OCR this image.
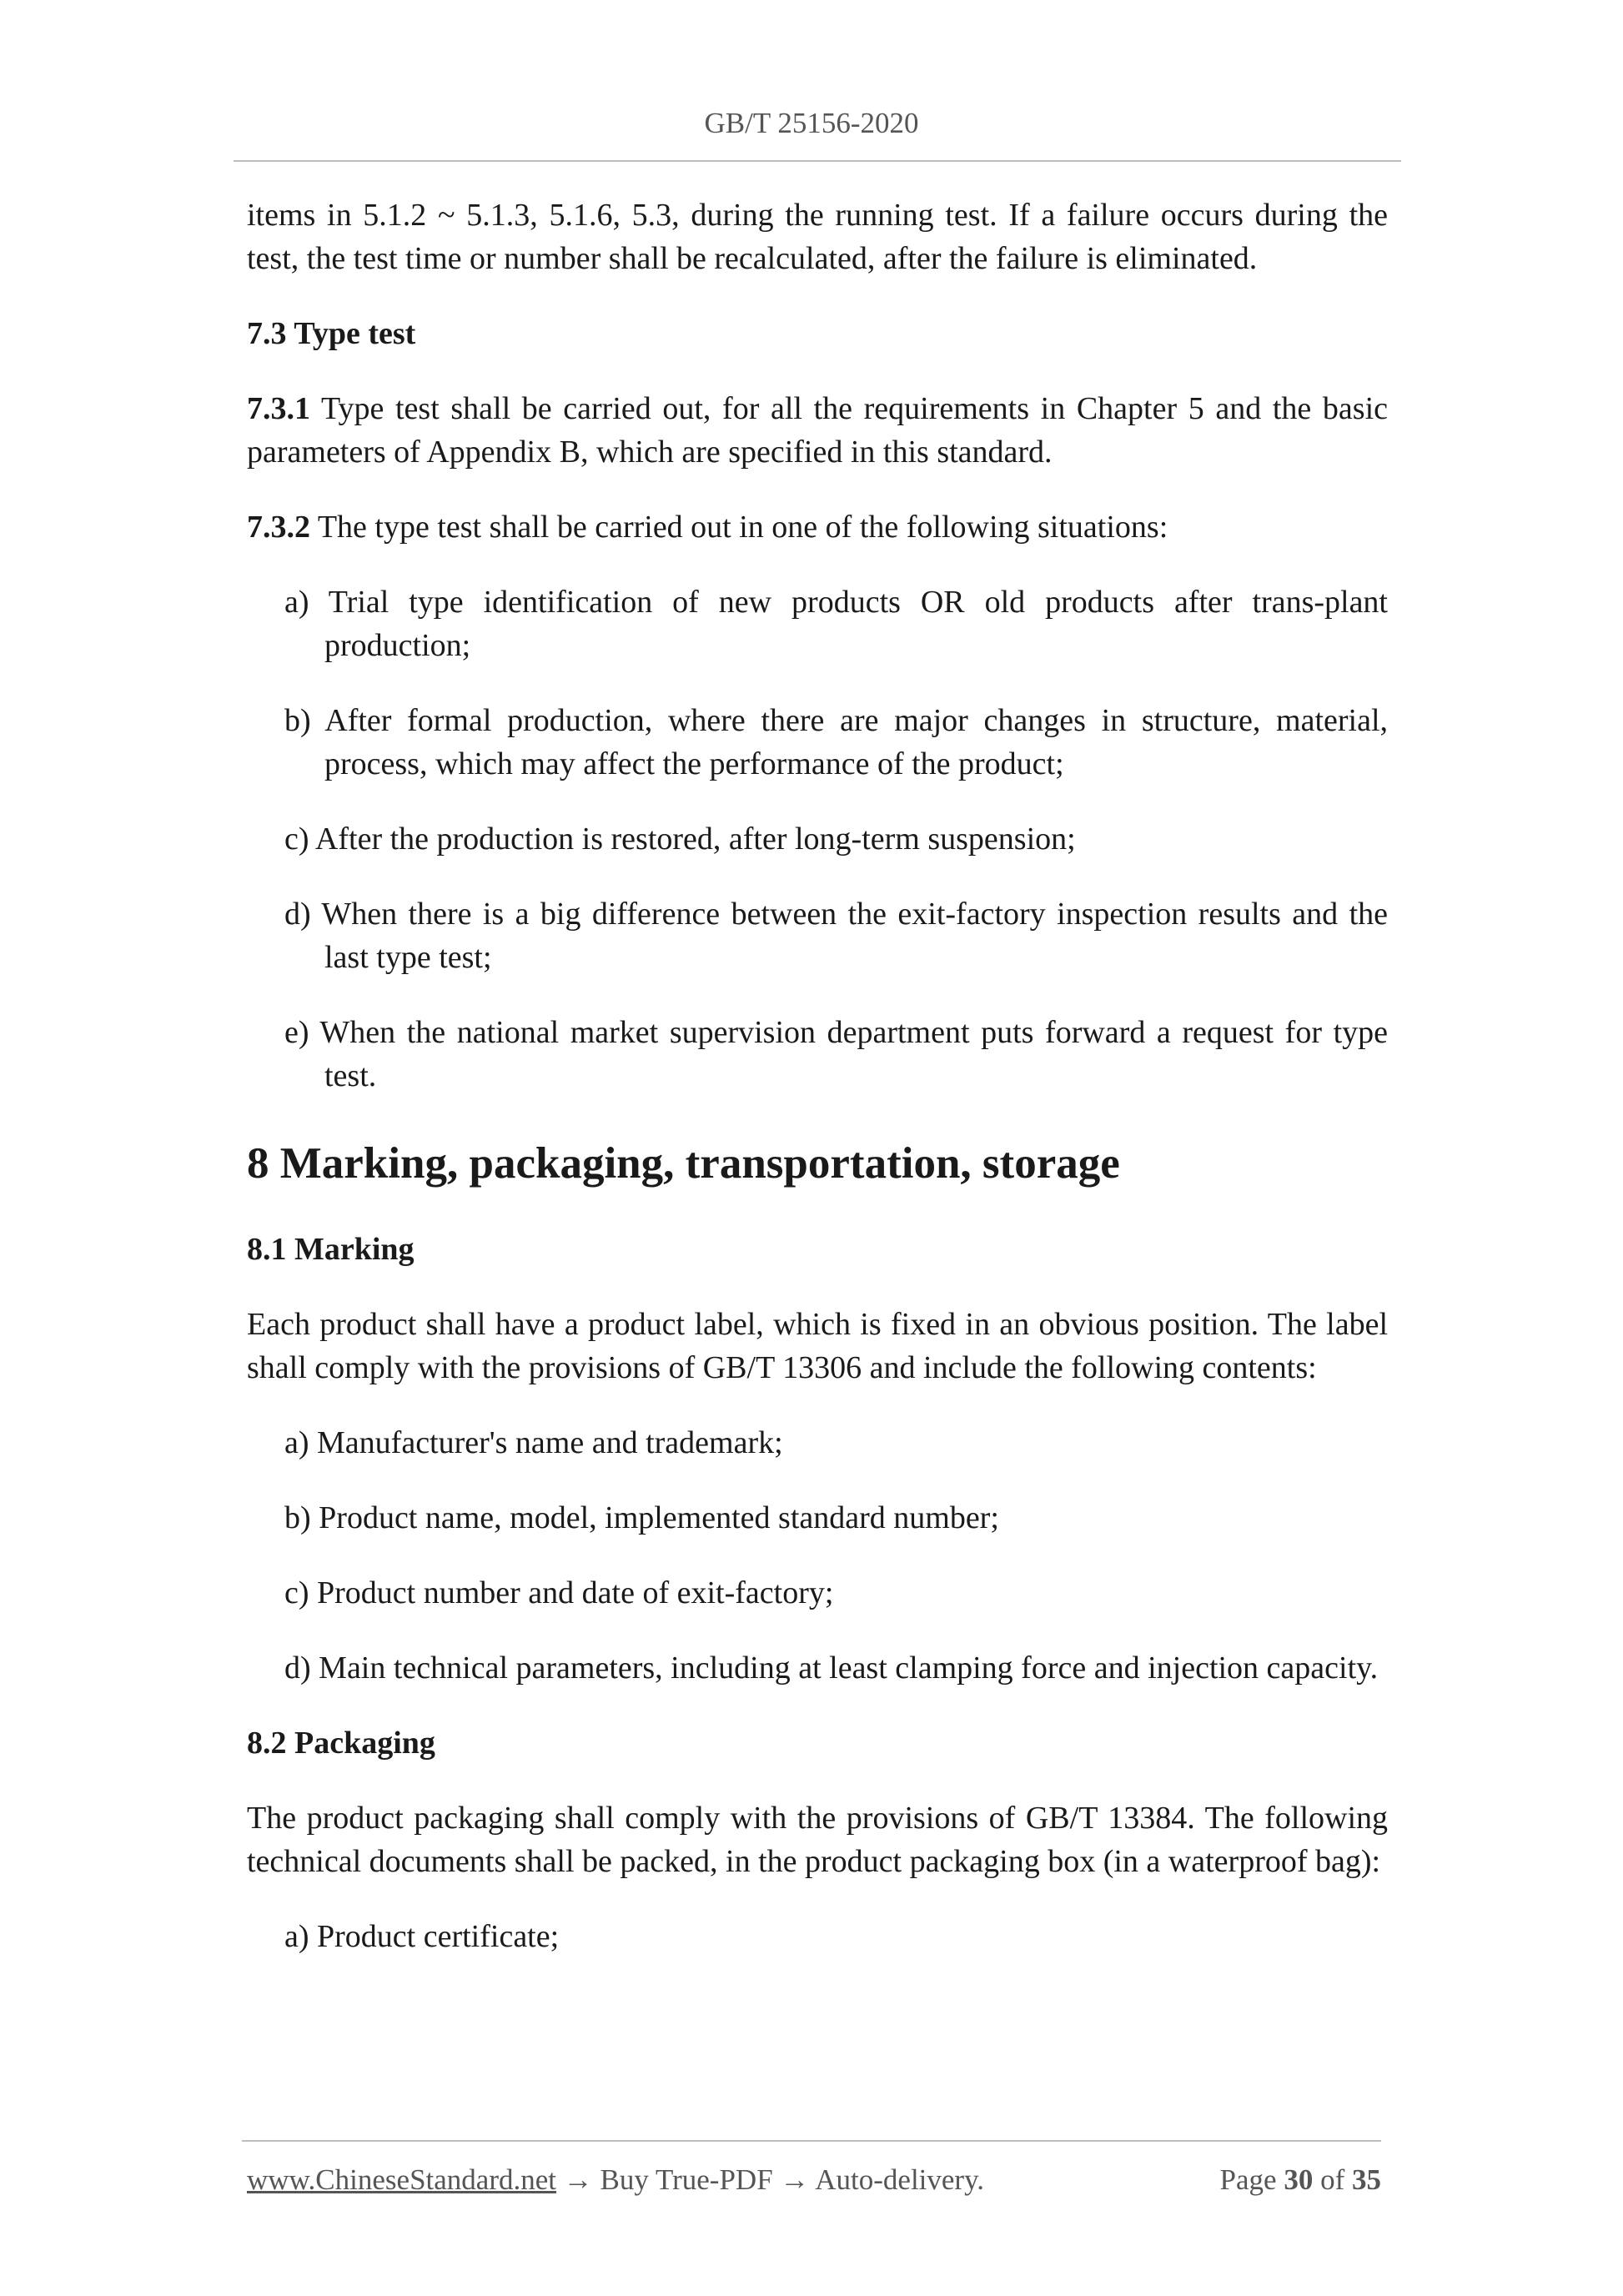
GB/T 25156-2020

items in 5.1.2 ~ 5.1.3, 5.1.6, 5.3, during the running test. If a failure occurs during the test, the test time or number shall be recalculated, after the failure is eliminated.

7.3 Type test

7.3.1 Type test shall be carried out, for all the requirements in Chapter 5 and the basic parameters of Appendix B, which are specified in this standard.

7.3.2 The type test shall be carried out in one of the following situations:

a) Trial type identification of new products OR old products after trans-plant production;

b) After formal production, where there are major changes in structure, material, process, which may affect the performance of the product;

c) After the production is restored, after long-term suspension;

d) When there is a big difference between the exit-factory inspection results and the last type test;

e) When the national market supervision department puts forward a request for type test.

8 Marking, packaging, transportation, storage
8.1 Marking

Each product shall have a product label, which is fixed in an obvious position. The label shall comply with the provisions of GB/T 13306 and include the following contents:

a) Manufacturer's name and trademark;

b) Product name, model, implemented standard number;

c) Product number and date of exit-factory;

d) Main technical parameters, including at least clamping force and injection capacity.

8.2 Packaging

The product packaging shall comply with the provisions of GB/T 13384. The following technical documents shall be packed, in the product packaging box (in a waterproof bag):

a) Product certificate;

www.ChineseStandard.net → Buy True-PDF → Auto-delivery.	Page 30 of 35
